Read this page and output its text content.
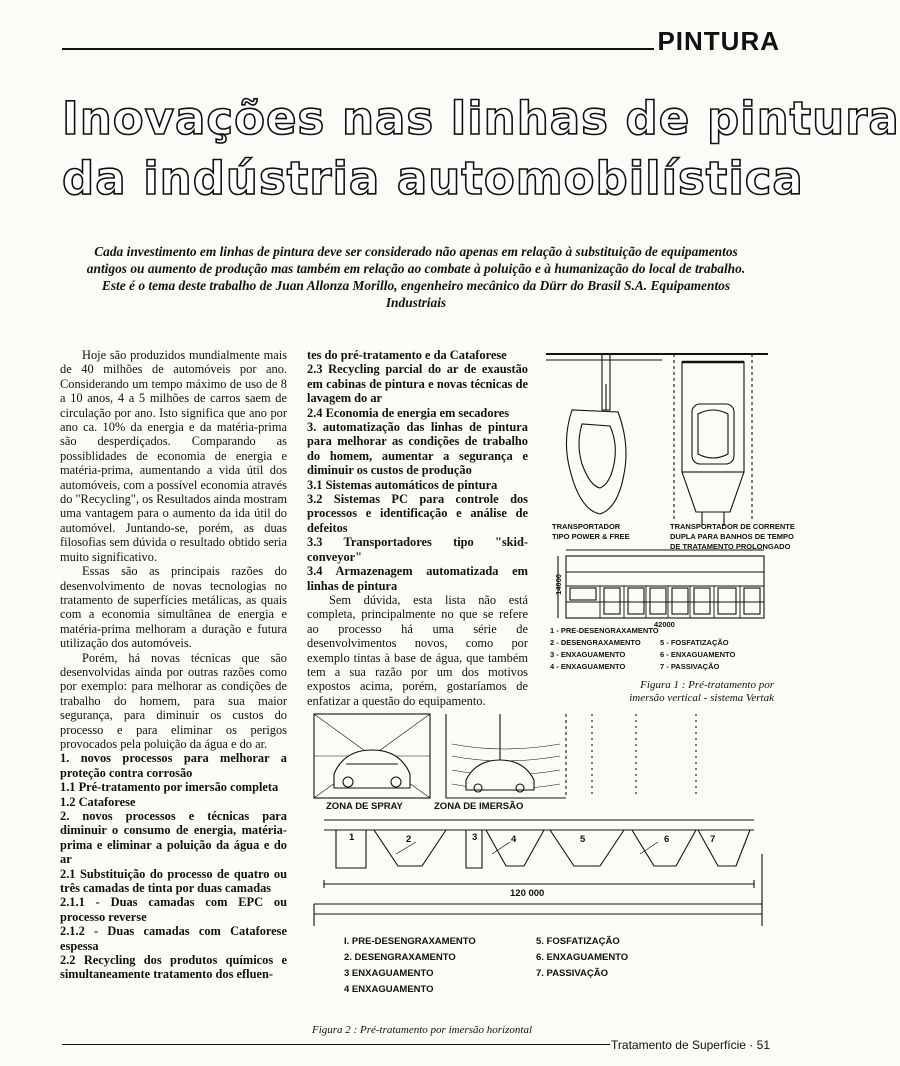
PINTURA
Inovações nas linhas de pintura
da indústria automobilística
Cada investimento em linhas de pintura deve ser considerado não apenas em relação à substituição de equipamentos antigos ou aumento de produção mas também em relação ao combate à poluição e à humanização do local de trabalho. Este é o tema deste trabalho de Juan Allonza Morillo, engenheiro mecânico da Dürr do Brasil S.A. Equipamentos Industriais

Hoje são produzidos mundialmente mais de 40 milhões de automóveis por ano. Considerando um tempo máximo de uso de 8 a 10 anos, 4 a 5 milhões de carros saem de circulação por ano. Isto significa que ano por ano ca. 10% da energia e da matéria-prima são desperdiçados. Comparando as possiblidades de economia de energia e matéria-prima, aumentando a vida útil dos automóveis, com a possível economia através do "Recycling", os Resultados ainda mostram uma vantagem para o aumento da ida útil do automóvel. Juntando-se, porém, as duas filosofias sem dúvida o resultado obtido seria muito significativo.

Essas são as principais razões do desenvolvimento de novas tecnologias no tratamento de superfícies metálicas, as quais com a economia simultânea de energia e matéria-prima melhoram a duração e futura utilização dos automóveis.

Porém, há novas técnicas que são desenvolvidas ainda por outras razões como por exemplo: para melhorar as condições de trabalho do homem, para sua maior segurança, para diminuir os custos do processo e para eliminar os perigos provocados pela poluição da água e do ar.

1. novos processos para melhorar a proteção contra corrosão

1.1 Pré-tratamento por imersão completa

1.2 Cataforese

2. novos processos e técnicas para diminuir o consumo de energia, matéria-prima e eliminar a poluição da água e do ar

2.1 Substituição do processo de quatro ou três camadas de tinta por duas camadas

2.1.1 - Duas camadas com EPC ou processo reverse

2.1.2 - Duas camadas com Cataforese espessa

2.2 Recycling dos produtos químicos e simultaneamente tratamento dos efluen-

tes do pré-tratamento e da Cataforese

2.3 Recycling parcial do ar de exaustão em cabinas de pintura e novas técnicas de lavagem do ar

2.4 Economia de energia em secadores

3. automatização das linhas de pintura para melhorar as condições de trabalho do homem, aumentar a segurança e diminuir os custos de produção

3.1 Sistemas automáticos de pintura

3.2 Sistemas PC para controle dos processos e identificação e análise de defeitos

3.3 Transportadores tipo "skid-conveyor"

3.4 Armazenagem automatizada em linhas de pintura

Sem dúvida, esta lista não está completa, principalmente no que se refere ao processo há uma série de desenvolvimentos novos, como por exemplo tintas à base de água, que também tem a sua razão por um dos motivos expostos acima, porém, gostaríamos de enfatizar a questão do equipamento.

TRANSPORTADOR
TIPO POWER & FREE
TRANSPORTADOR DE CORRENTE
DUPLA PARA BANHOS DE TEMPO
DE TRATAMENTO PROLONGADO
42000
14000
1 - PRE-DESENGRAXAMENTO
2 - DESENGRAXAMENTO
3 - ENXAGUAMENTO
4 - ENXAGUAMENTO
5 - FOSFATIZAÇÃO
6 - ENXAGUAMENTO
7 - PASSIVAÇÃO
Figura 1 : Pré-tratamento por
imersão vertical - sistema Vertak
ZONA DE SPRAY	ZONA DE IMERSÃO
1	2	3	4	5	6	7
120 000
I. PRE-DESENGRAXAMENTO
2. DESENGRAXAMENTO
3 ENXAGUAMENTO
4 ENXAGUAMENTO
5. FOSFATIZAÇÃO
6. ENXAGUAMENTO
7. PASSIVAÇÃO
Figura 2 : Pré-tratamento por imersão horizontal
Tratamento de Superfície · 51
